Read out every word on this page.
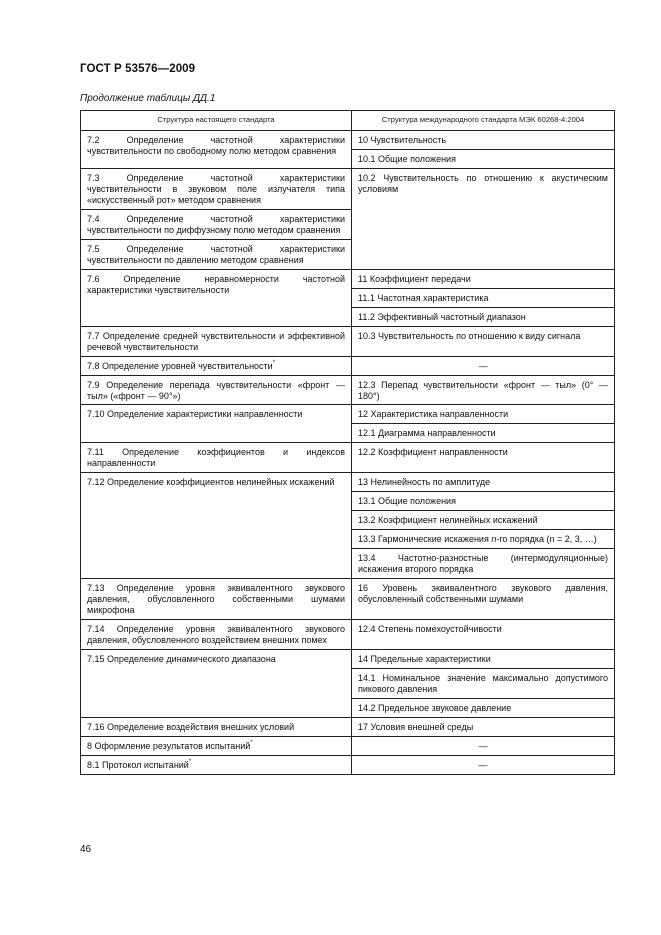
ГОСТ Р 53576—2009
Продолжение таблицы ДД.1
Структура настоящего стандарта	Структура международного стандарта МЭК 60268-4:2004
7.2 Определение частотной характеристики чувствительности по свободному полю методом сравнения	10 Чувствительность
	10.1 Общие положения
7.3 Определение частотной характеристики чувствительности в звуковом поле излучателя типа «искусственный рот» методом сравнения	10.2 Чувствительность по отношению к акустическим условиям
7.4 Определение частотной характеристики чувствительности по диффузному полю методом сравнения	
7.5 Определение частотной характеристики чувствительности по давлению методом сравнения	
7.6 Определение неравномерности частотной характеристики чувствительности	11 Коэффициент передачи
	11.1 Частотная характеристика
	11.2 Эффективный частотный диапазон
7.7 Определение средней чувствительности и эффективной речевой чувствительности	10.3 Чувствительность по отношению к виду сигнала
7.8 Определение уровней чувствительности*	—
7.9 Определение перепада чувствительности «фронт — тыл» («фронт — 90°»)	12.3 Перепад чувствительности «фронт — тыл» (0° — 180°)
7.10 Определение характеристики направленности	12 Характеристика направленности
	12.1 Диаграмма направленности
7.11 Определение коэффициентов и индексов направленности	12.2 Коэффициент направленности
7.12 Определение коэффициентов нелинейных искажений	13 Нелинейность по амплитуде
	13.1 Общие положения
	13.2 Коэффициент нелинейных искажений
	13.3 Гармонические искажения n-го порядка (n = 2, 3, …)
	13.4 Частотно-разностные (интермодуляционные) искажения второго порядка
7.13 Определение уровня эквивалентного звукового давления, обусловленного собственными шумами микрофона	16 Уровень эквивалентного звукового давления, обусловленный собственными шумами
7.14 Определение уровня эквивалентного звукового давления, обусловленного воздействием внешних помех	12.4 Степень помехоустойчивости
7.15 Определение динамического диапазона	14 Предельные характеристики
	14.1 Номинальное значение максимально допустимого пикового давления
	14.2 Предельное звуковое давление
7.16 Определение воздействия внешних условий	17 Условия внешней среды
8 Оформление результатов испытаний*	—
8.1 Протокол испытаний*	—
46
